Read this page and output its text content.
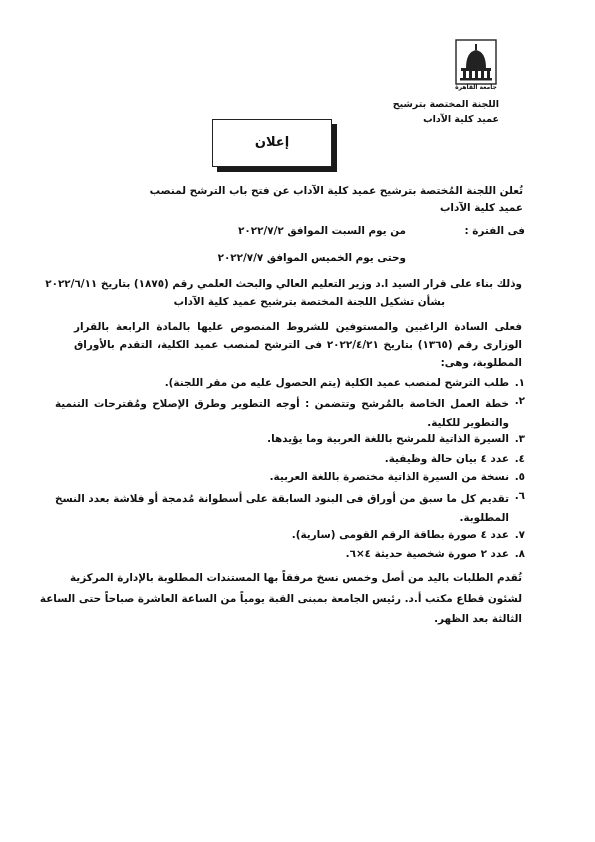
جامعة القاهرة
اللجنة المختصة بترشيح
عميد كلية الآداب
إعلان
تُعلن اللجنة المُختصة بترشيح عميد كلية الآداب عن فتح باب الترشح لمنصب
عميد كلية الآداب
فى الفترة :
من يوم السبت الموافق ٢٠٢٢/٧/٢
وحتى يوم الخميس الموافق ٢٠٢٢/٧/٧
وذلك بناء على قرار السيد ا.د وزير التعليم العالي والبحث العلمي رقم (١٨٧٥) بتاريخ ٢٠٢٢/٦/١١
بشأن تشكيل اللجنة المختصة بترشيح عميد كلية الآداب
فعلى السادة الراغبين والمستوفين للشروط المنصوص عليها بالمادة الرابعة بالقرار
الوزارى رقم (١٣٦٥) بتاريخ ٢٠٢٢/٤/٢١ فى الترشح لمنصب عميد الكلية، التقدم بالأوراق
المطلوبة، وهى:
١.
طلب الترشح لمنصب عميد الكلية (يتم الحصول عليه من مقر اللجنة).
٢.
خطة العمل الخاصة بالمُرشح وتتضمن : أوجه التطوير وطرق الإصلاح ومُقترحات التنمية والتطوير للكلية.
٣.
السيرة الذاتية للمرشح باللغة العربية وما يؤيدها.
٤.
عدد ٤ بيان حالة وظيفية.
٥.
نسخة من السيرة الذاتية مختصرة باللغة العربية.
٦.
تقديم كل ما سبق من أوراق فى البنود السابقة على أسطوانة مُدمجة أو فلاشة بعدد النسخ المطلوبة.
٧.
عدد ٤ صورة بطاقة الرقم القومى (سارية).
٨.
عدد ٢ صورة شخصية حديثة ٤×٦.
تُقدم الطلبات باليد من أصل وخمس نسخ مرفقاً بها المستندات المطلوبة بالإدارة المركزية
لشئون قطاع مكتب أ.د. رئيس الجامعة بمبنى القبة يومياً من الساعة العاشرة صباحاً حتى الساعة
الثالثة بعد الظهر.
